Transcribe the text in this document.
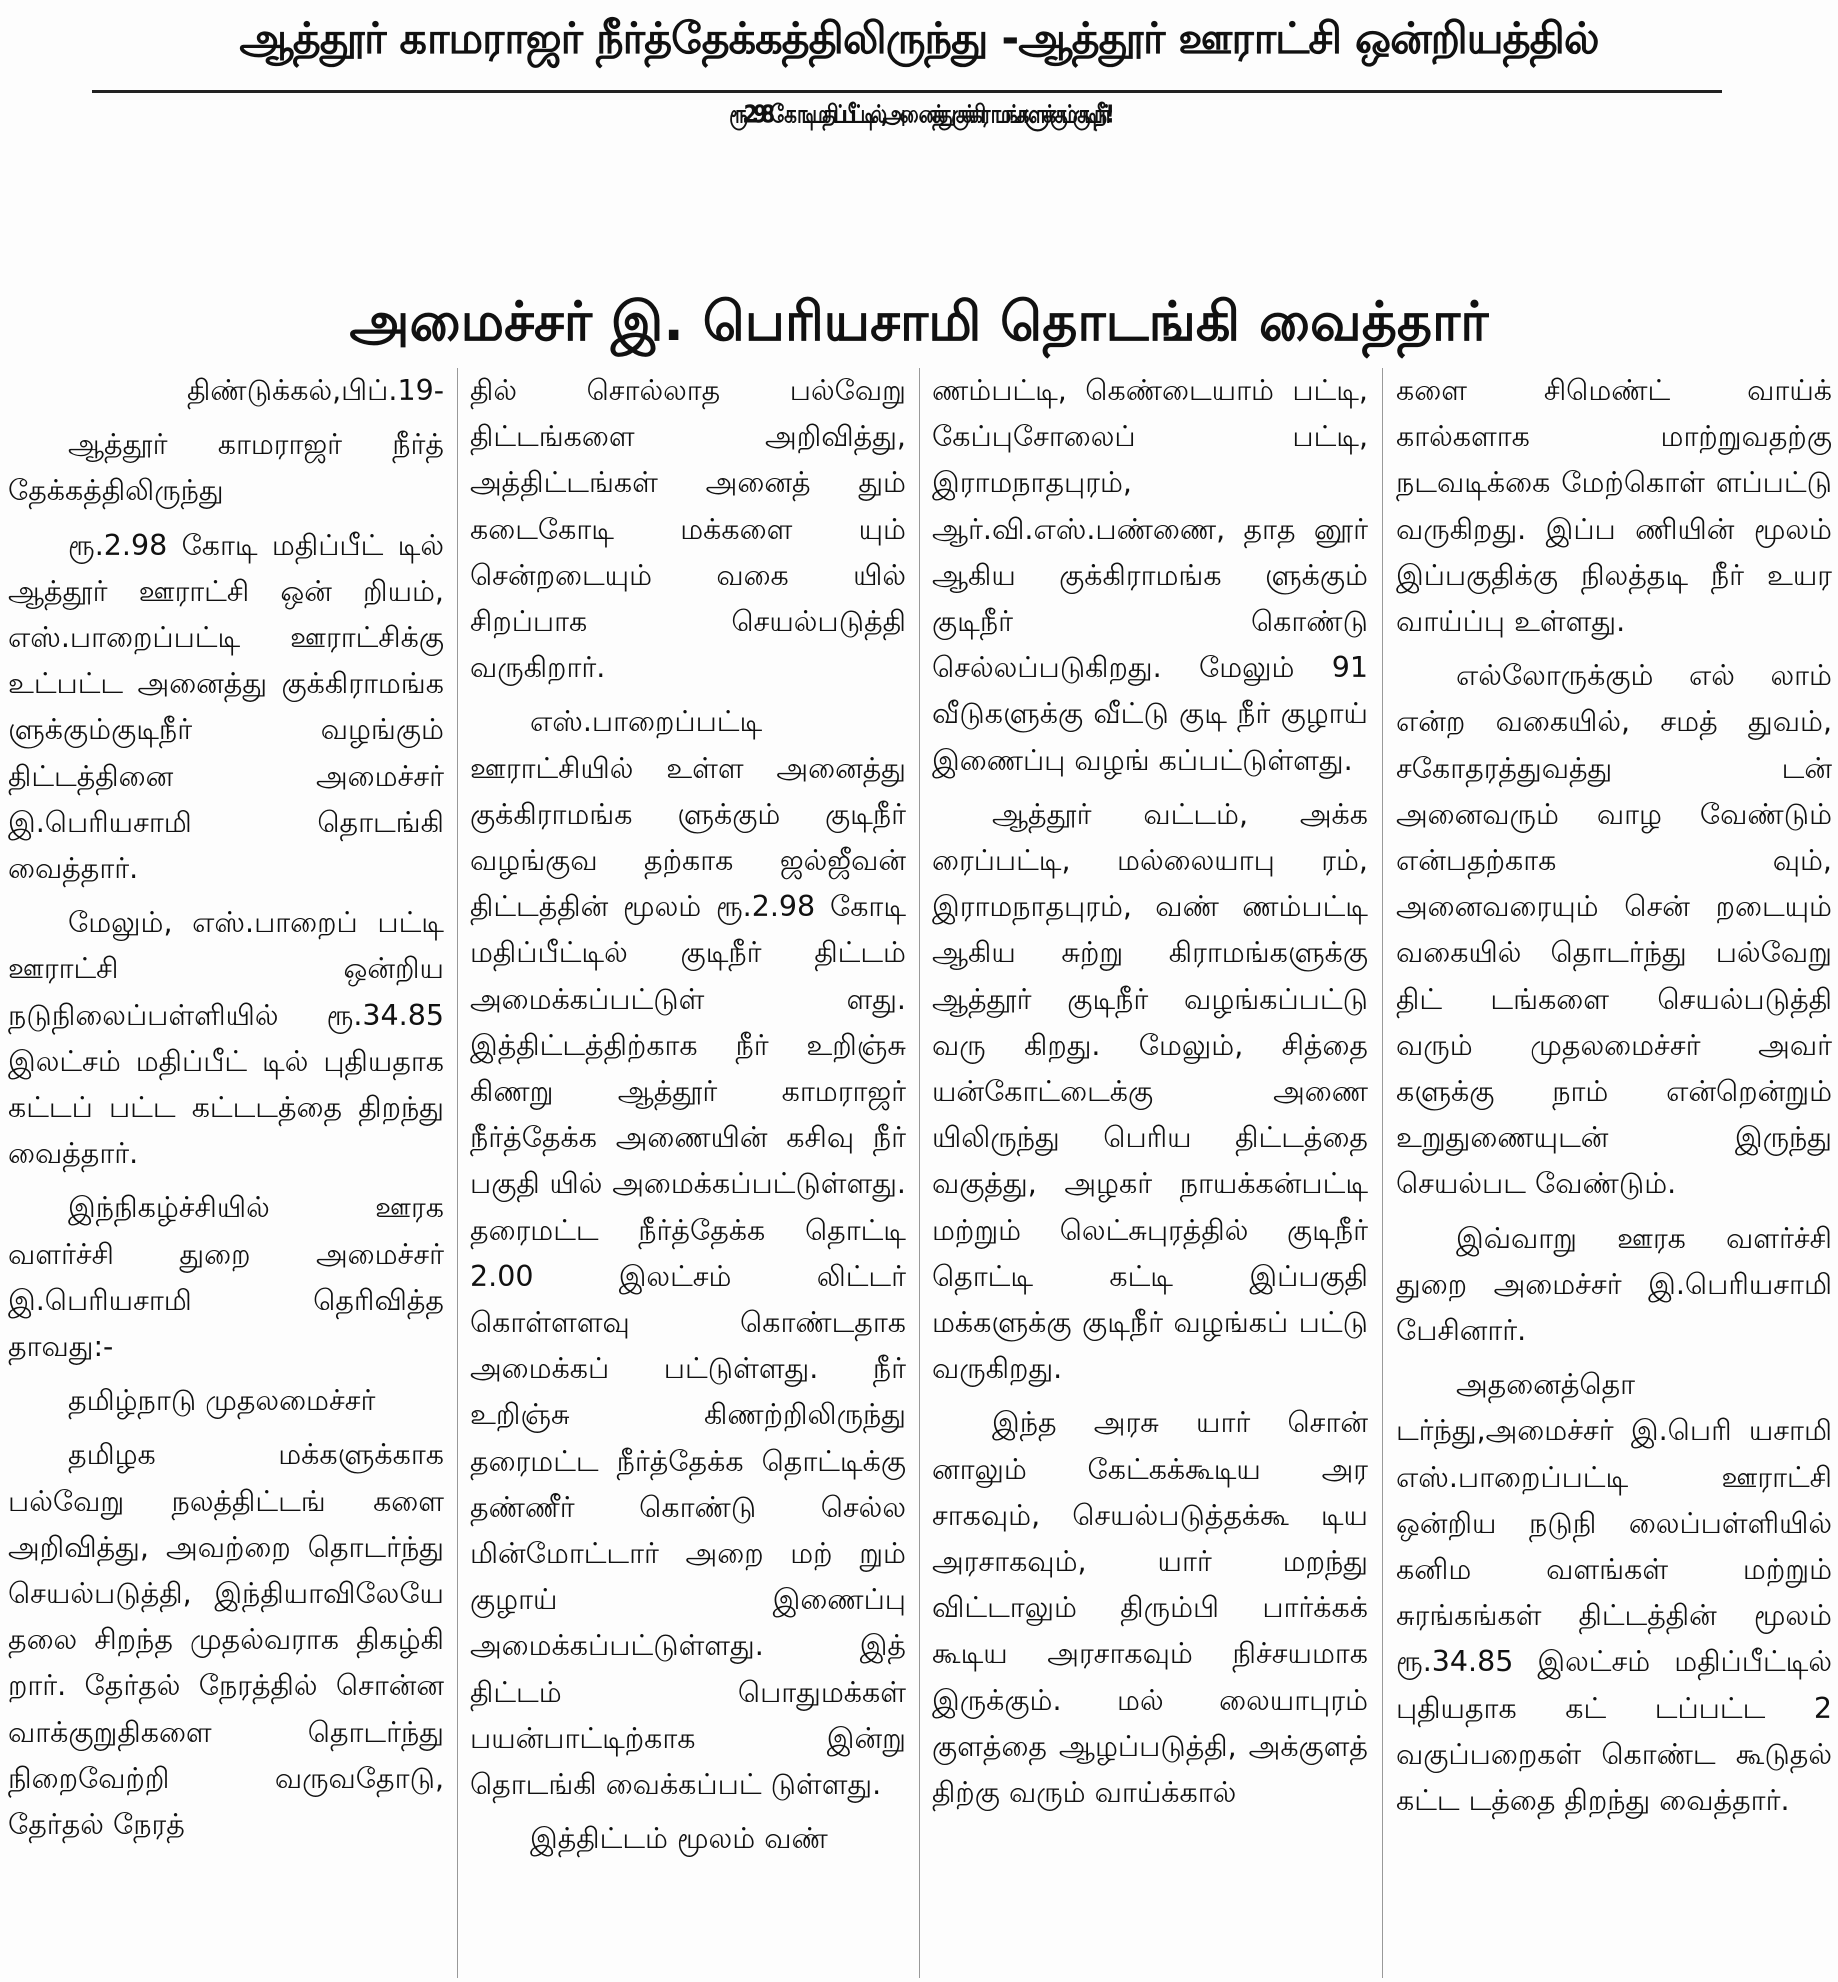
ஆத்தூர் காமராஜர் நீர்த்தேக்கத்திலிருந்து -ஆத்தூர் ஊராட்சி ஒன்றியத்தில்
ரூ.2.98 கோடி மதிப்பீட்டில், அனைத்து குக்கிராமங்களுக்கும் குடிநீர்!
அமைச்சர் இ. பெரியசாமி தொடங்கி வைத்தார்

திண்டுக்கல்,பிப்.19-

ஆத்தூர் காமராஜர் நீர்த் தேக்கத்திலிருந்து

ரூ.2.98 கோடி மதிப்பீட் டில் ஆத்தூர் ஊராட்சி ஒன் றியம், எஸ்.பாறைப்பட்டி ஊராட்சிக்கு உட்பட்ட அனைத்து குக்கிராமங்க ளுக்கும்குடிநீர் வழங்கும் திட்டத்தினை அமைச்சர் இ.பெரியசாமி தொடங்கி வைத்தார்.

மேலும், எஸ்.பாறைப் பட்டி ஊராட்சி ஒன்றிய நடுநிலைப்பள்ளியில் ரூ.34.85 இலட்சம் மதிப்பீட் டில் புதியதாக கட்டப் பட்ட கட்டடத்தை திறந்து வைத்தார்.

இந்நிகழ்ச்சியில் ஊரக வளர்ச்சி துறை அமைச்சர் இ.பெரியசாமி தெரிவித்த தாவது:-

தமிழ்நாடு முதலமைச்சர்

தமிழக மக்களுக்காக பல்வேறு நலத்திட்டங் களை அறிவித்து, அவற்றை தொடர்ந்து செயல்படுத்தி, இந்தியாவிலேயே தலை சிறந்த முதல்வராக திகழ்கி றார். தேர்தல் நேரத்தில் சொன்ன வாக்குறுதிகளை தொடர்ந்து நிறைவேற்றி வருவதோடு, தேர்தல் நேரத்

தில் சொல்லாத பல்வேறு திட்டங்களை அறிவித்து, அத்திட்டங்கள் அனைத் தும் கடைகோடி மக்களை யும் சென்றடையும் வகை யில் சிறப்பாக செயல்படுத்தி வருகிறார்.

எஸ்.பாறைப்பட்டி ஊராட்சியில் உள்ள அனைத்து குக்கிராமங்க ளுக்கும் குடிநீர் வழங்குவ தற்காக ஜல்ஜீவன் திட்டத்தின் மூலம் ரூ.2.98 கோடி மதிப்பீட்டில் குடிநீர் திட்டம் அமைக்கப்பட்டுள் ளது. இத்திட்டத்திற்காக நீர் உறிஞ்சு கிணறு ஆத்தூர் காமராஜர் நீர்த்தேக்க அணையின் கசிவு நீர் பகுதி யில் அமைக்கப்பட்டுள்ளது. தரைமட்ட நீர்த்தேக்க தொட்டி 2.00 இலட்சம் லிட்டர் கொள்ளளவு கொண்டதாக அமைக்கப் பட்டுள்ளது. நீர் உறிஞ்சு கிணற்றிலிருந்து தரைமட்ட நீர்த்தேக்க தொட்டிக்கு தண்ணீர் கொண்டு செல்ல மின்மோட்டார் அறை மற் றும் குழாய் இணைப்பு அமைக்கப்பட்டுள்ளது. இத் திட்டம் பொதுமக்கள் பயன்பாட்டிற்காக இன்று தொடங்கி வைக்கப்பட் டுள்ளது.

இத்திட்டம் மூலம் வண்

ணம்பட்டி, கெண்டையாம் பட்டி, கேப்புசோலைப் பட்டி, இராமநாதபுரம், ஆர்.வி.எஸ்.பண்ணை, தாத னூர் ஆகிய குக்கிராமங்க ளுக்கும் குடிநீர் கொண்டு செல்லப்படுகிறது. மேலும் 91 வீடுகளுக்கு வீட்டு குடி நீர் குழாய் இணைப்பு வழங் கப்பட்டுள்ளது.

ஆத்தூர் வட்டம், அக்க ரைப்பட்டி, மல்லையாபு ரம், இராமநாதபுரம், வண் ணம்பட்டி ஆகிய சுற்று கிராமங்களுக்கு ஆத்தூர் குடிநீர் வழங்கப்பட்டு வரு கிறது. மேலும், சித்தை யன்கோட்டைக்கு அணை யிலிருந்து பெரிய திட்டத்தை வகுத்து, அழகர் நாயக்கன்பட்டி மற்றும் லெட்சுபுரத்தில் குடிநீர் தொட்டி கட்டி இப்பகுதி மக்களுக்கு குடிநீர் வழங்கப் பட்டு வருகிறது.

இந்த அரசு யார் சொன் னாலும் கேட்கக்கூடிய அர சாகவும், செயல்படுத்தக்கூ டிய அரசாகவும், யார் மறந்து விட்டாலும் திரும்பி பார்க்கக் கூடிய அரசாகவும் நிச்சயமாக இருக்கும். மல் லையாபுரம் குளத்தை ஆழப்படுத்தி, அக்குளத் திற்கு வரும் வாய்க்கால்

களை சிமெண்ட் வாய்க் கால்களாக மாற்றுவதற்கு நடவடிக்கை மேற்கொள் ளப்பட்டு வருகிறது. இப்ப ணியின் மூலம் இப்பகுதிக்கு நிலத்தடி நீர் உயர வாய்ப்பு உள்ளது.

எல்லோருக்கும் எல் லாம் என்ற வகையில், சமத் துவம், சகோதரத்துவத்து டன் அனைவரும் வாழ வேண்டும் என்பதற்காக வும், அனைவரையும் சென் றடையும் வகையில் தொடர்ந்து பல்வேறு திட் டங்களை செயல்படுத்தி வரும் முதலமைச்சர் அவர் களுக்கு நாம் என்றென்றும் உறுதுணையுடன் இருந்து செயல்பட வேண்டும்.

இவ்வாறு ஊரக வளர்ச்சி துறை அமைச்சர் இ.பெரியசாமி பேசினார்.

அதனைத்தொ டர்ந்து,அமைச்சர் இ.பெரி யசாமி எஸ்.பாறைப்பட்டி ஊராட்சி ஒன்றிய நடுநி லைப்பள்ளியில் கனிம வளங்கள் மற்றும் சுரங்கங்கள் திட்டத்தின் மூலம் ரூ.34.85 இலட்சம் மதிப்பீட்டில் புதியதாக கட் டப்பட்ட 2 வகுப்பறைகள் கொண்ட கூடுதல் கட்ட டத்தை திறந்து வைத்தார்.
